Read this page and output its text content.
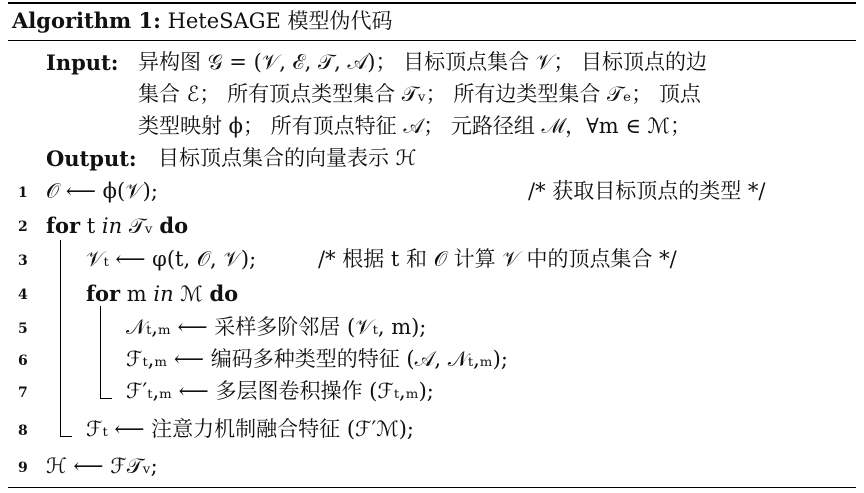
Algorithm 1: HeteSAGE 模型伪代码
Input: 异构图 𝒢 = (𝒱, ℰ, 𝒯, 𝒜)； 目标顶点集合 𝒱； 目标顶点的边
集合 ℰ； 所有顶点类型集合 𝒯ᵥ； 所有边类型集合 𝒯ₑ； 顶点
类型映射 ϕ； 所有顶点特征 𝒜； 元路径组 ℳ，∀m ∈ ℳ；
Output: 目标顶点集合的向量表示 ℋ
1 𝒪 ⟵ ϕ(𝒱);	/* 获取目标顶点的类型 */
2 for t in 𝒯ᵥ do
3	𝒱ₜ ⟵ φ(t, 𝒪, 𝒱);	/* 根据 t 和 𝒪 计算 𝒱 中的顶点集合 */
4	for m in ℳ do
5	𝒩ₜ,ₘ ⟵ 采样多阶邻居 (𝒱ₜ, m);
6	ℱₜ,ₘ ⟵ 编码多种类型的特征 (𝒜, 𝒩ₜ,ₘ);
7	ℱ′ₜ,ₘ ⟵ 多层图卷积操作 (ℱₜ,ₘ);
8	ℱₜ ⟵ 注意力机制融合特征 (ℱ′ℳ);
9 ℋ ⟵ ℱ𝒯ᵥ;
